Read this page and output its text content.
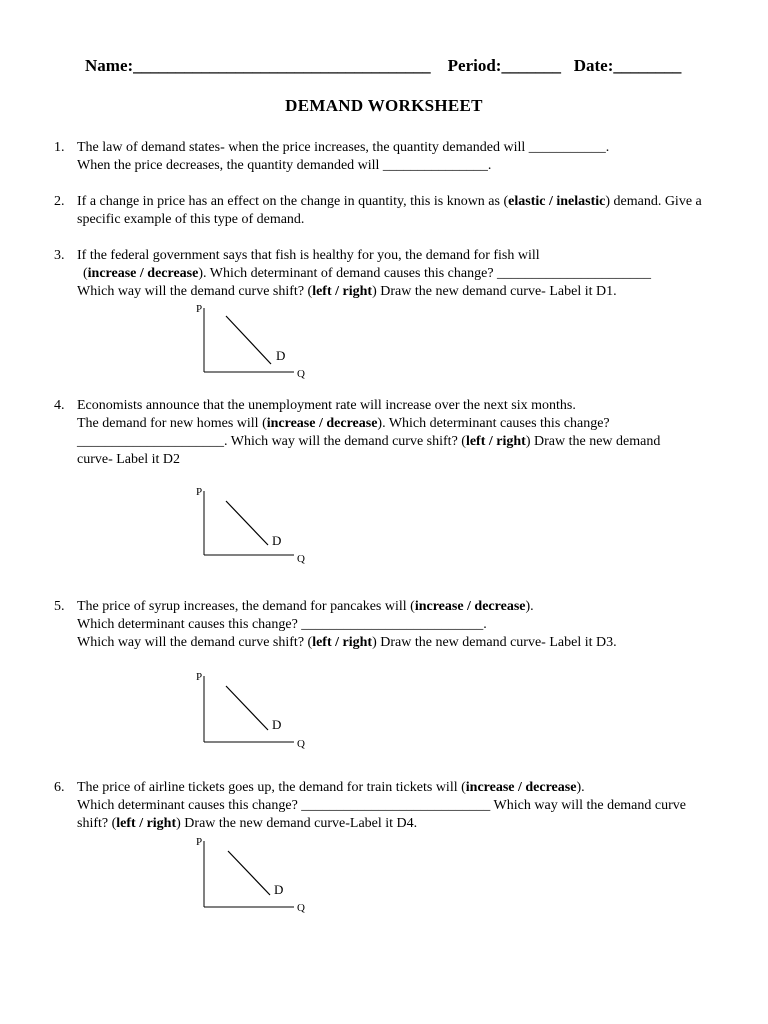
Name:___________________________________ Period:_______ Date:________
DEMAND WORKSHEET
1. The law of demand states- when the price increases, the quantity demanded will ___________.
When the price decreases, the quantity demanded will _______________.
2. If a change in price has an effect on the change in quantity, this is known as (elastic / inelastic) demand. Give a
specific example of this type of demand.
3. If the federal government says that fish is healthy for you, the demand for fish will
(increase / decrease). Which determinant of demand causes this change? ______________________
Which way will the demand curve shift? (left / right) Draw the new demand curve- Label it D1.
4. Economists announce that the unemployment rate will increase over the next six months.
The demand for new homes will (increase / decrease). Which determinant causes this change?
_____________________. Which way will the demand curve shift? (left / right) Draw the new demand
curve- Label it D2
5. The price of syrup increases, the demand for pancakes will (increase / decrease).
Which determinant causes this change? __________________________.
Which way will the demand curve shift? (left / right) Draw the new demand curve- Label it D3.
6. The price of airline tickets goes up, the demand for train tickets will (increase / decrease).
Which determinant causes this change? ___________________________ Which way will the demand curve
shift? (left / right) Draw the new demand curve-Label it D4.
P
Q
D
P
Q
D
P
Q
D
P
Q
D
